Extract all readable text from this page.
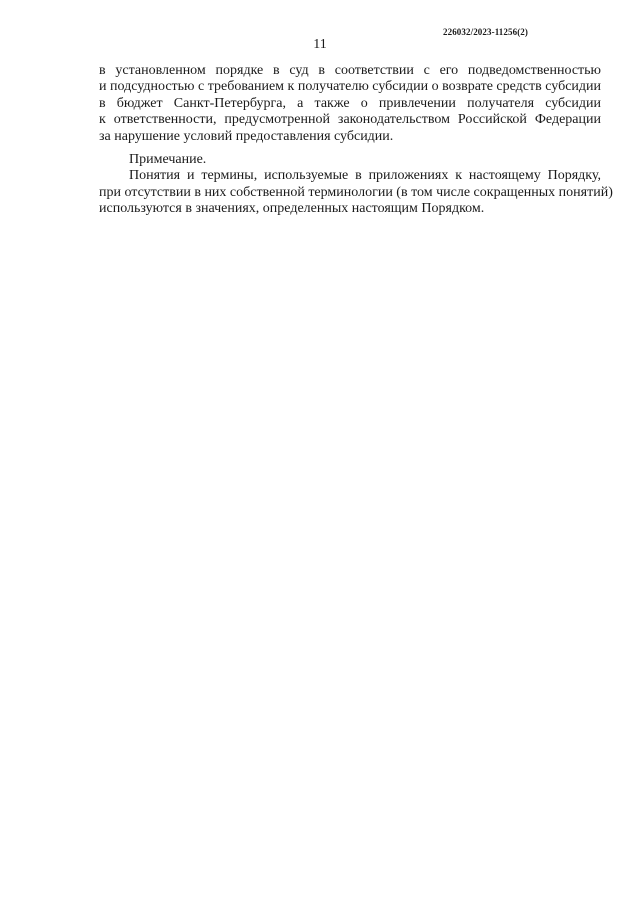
226032/2023-11256(2)
11
в установленном порядке в суд в соответствии с его подведомственностью
и подсудностью с требованием к получателю субсидии о возврате средств субсидии
в бюджет Санкт-Петербурга, а также о привлечении получателя субсидии
к ответственности, предусмотренной законодательством Российской Федерации
за нарушение условий предоставления субсидии.
Примечание.
Понятия и термины, используемые в приложениях к настоящему Порядку,
при отсутствии в них собственной терминологии (в том числе сокращенных понятий)
используются в значениях, определенных настоящим Порядком.
